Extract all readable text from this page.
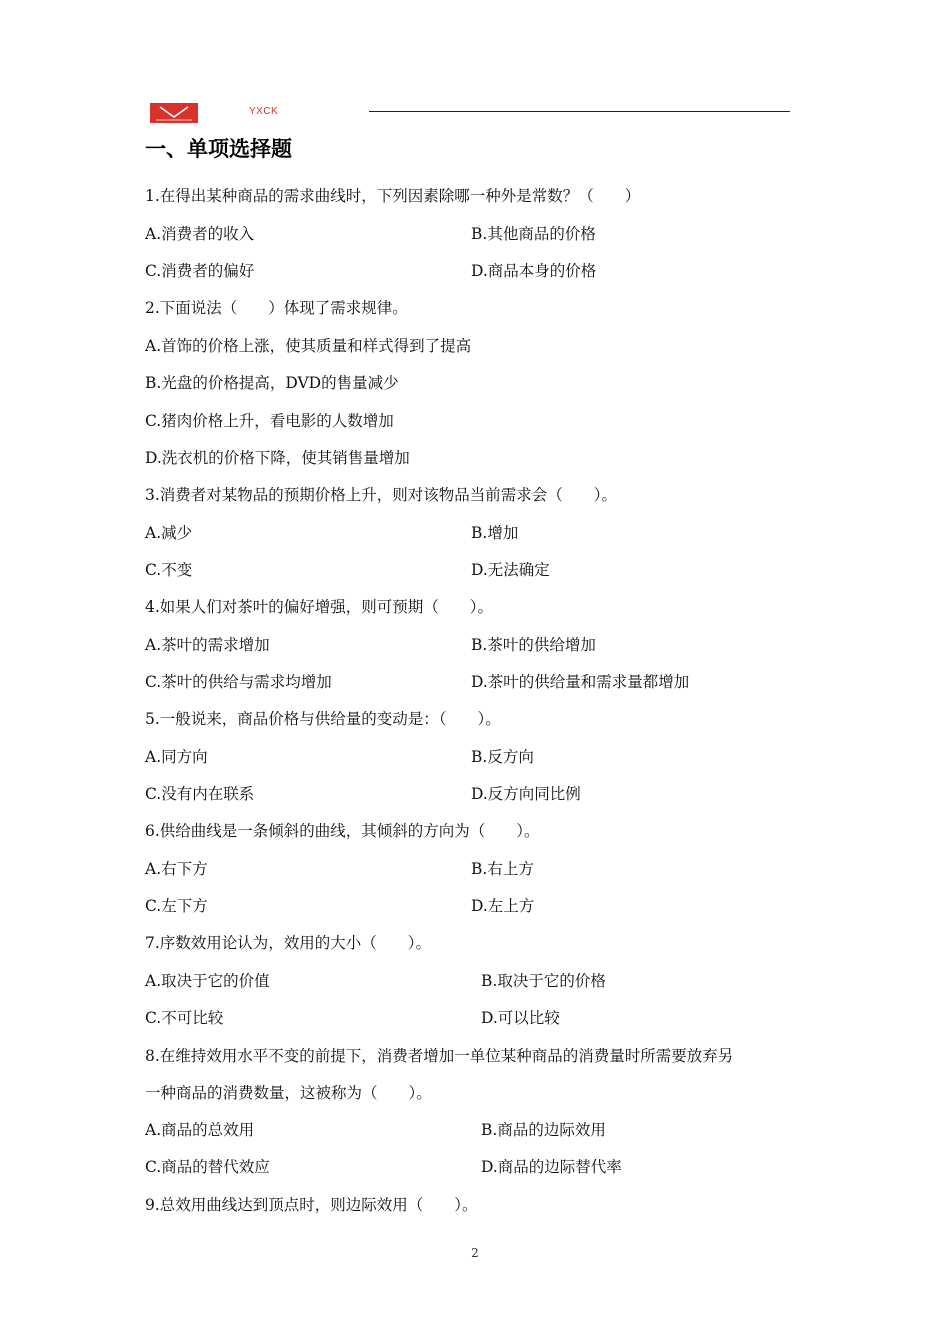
YXCK
一、单项选择题
1.在得出某种商品的需求曲线时，下列因素除哪一种外是常数？（　　）
A.消费者的收入	B.其他商品的价格
C.消费者的偏好	D.商品本身的价格
2.下面说法（　　）体现了需求规律。
A.首饰的价格上涨，使其质量和样式得到了提高
B.光盘的价格提高，DVD的售量减少
C.猪肉价格上升，看电影的人数增加
D.洗衣机的价格下降，使其销售量增加
3.消费者对某物品的预期价格上升，则对该物品当前需求会（　　）。
A.减少	B.增加
C.不变	D.无法确定
4.如果人们对茶叶的偏好增强，则可预期（　　）。
A.茶叶的需求增加	B.茶叶的供给增加
C.茶叶的供给与需求均增加	D.茶叶的供给量和需求量都增加
5.一般说来，商品价格与供给量的变动是：（　　）。
A.同方向	B.反方向
C.没有内在联系	D.反方向同比例
6.供给曲线是一条倾斜的曲线，其倾斜的方向为（　　）。
A.右下方	B.右上方
C.左下方	D.左上方
7.序数效用论认为，效用的大小（　　）。
A.取决于它的价值	B.取决于它的价格
C.不可比较	D.可以比较
8.在维持效用水平不变的前提下，消费者增加一单位某种商品的消费量时所需要放弃另
一种商品的消费数量，这被称为（　　）。
A.商品的总效用	B.商品的边际效用
C.商品的替代效应	D.商品的边际替代率
9.总效用曲线达到顶点时，则边际效用（　　）。
2
